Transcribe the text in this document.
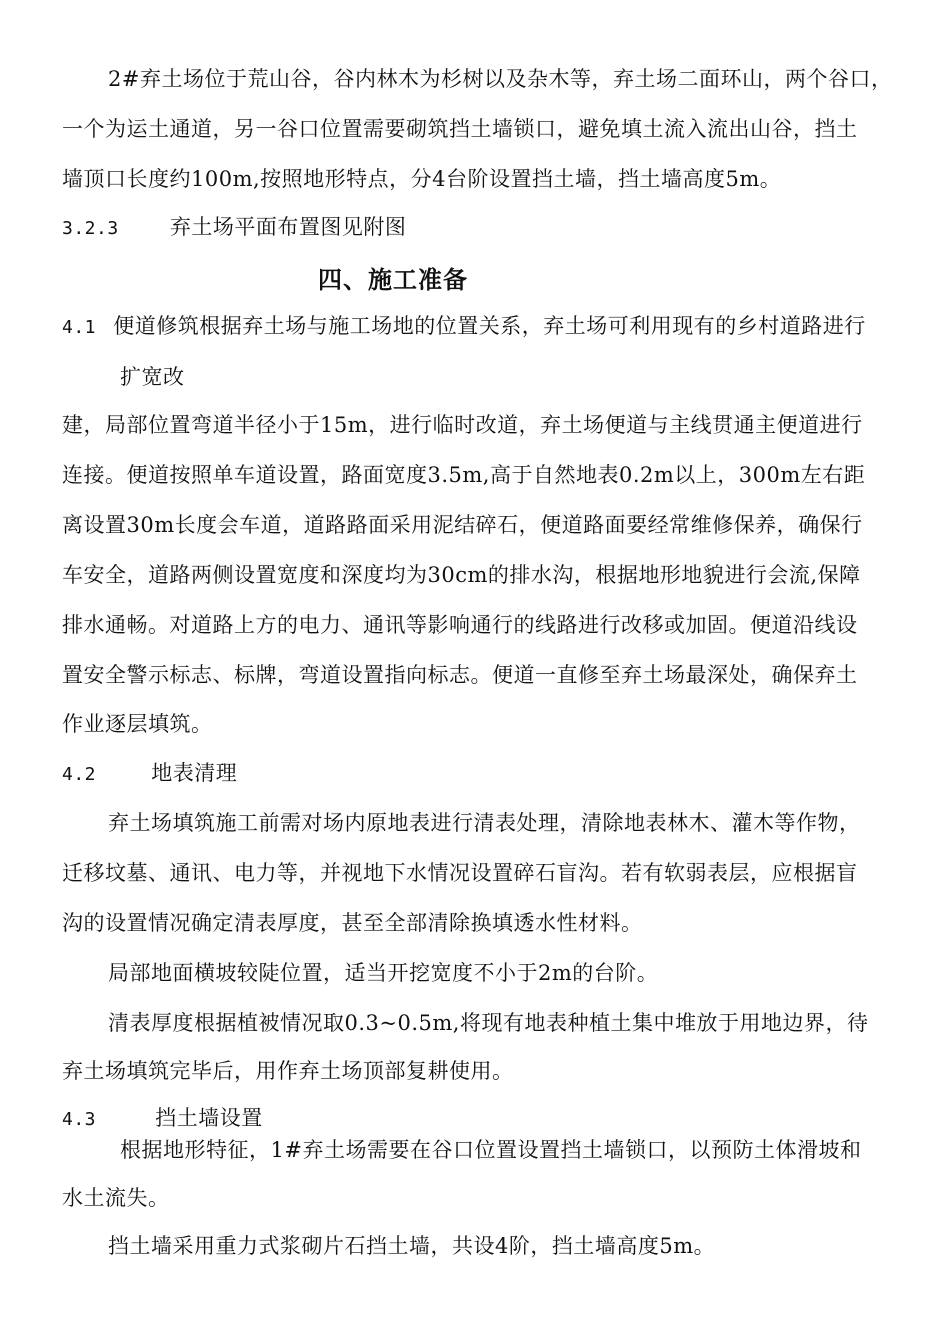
2#弃土场位于荒山谷，谷内林木为杉树以及杂木等，弃土场二面环山，两个谷口，
一个为运土通道，另一谷口位置需要砌筑挡土墙锁口，避免填土流入流出山谷，挡土
墙顶口长度约100m,按照地形特点，分4台阶设置挡土墙，挡土墙高度5m。
3.2.3 弃土场平面布置图见附图
四、施工准备
4.1 便道修筑根据弃土场与施工场地的位置关系，弃土场可利用现有的乡村道路进行
扩宽改
建，局部位置弯道半径小于15m，进行临时改道，弃土场便道与主线贯通主便道进行
连接。便道按照单车道设置，路面宽度3.5m,高于自然地表0.2m以上，300m左右距
离设置30m长度会车道，道路路面采用泥结碎石，便道路面要经常维修保养，确保行
车安全，道路两侧设置宽度和深度均为30cm的排水沟，根据地形地貌进行会流,保障
排水通畅。对道路上方的电力、通讯等影响通行的线路进行改移或加固。便道沿线设
置安全警示标志、标牌，弯道设置指向标志。便道一直修至弃土场最深处，确保弃土
作业逐层填筑。
4.2	地表清理
弃土场填筑施工前需对场内原地表进行清表处理，清除地表林木、灌木等作物，
迁移坟墓、通讯、电力等，并视地下水情况设置碎石盲沟。若有软弱表层，应根据盲
沟的设置情况确定清表厚度，甚至全部清除换填透水性材料。
局部地面横坡较陡位置，适当开挖宽度不小于2m的台阶。
清表厚度根据植被情况取0.3~0.5m,将现有地表种植土集中堆放于用地边界，待
弃土场填筑完毕后，用作弃土场顶部复耕使用。
4.3	挡土墙设置
根据地形特征，1#弃土场需要在谷口位置设置挡土墙锁口，以预防土体滑坡和
水土流失。
挡土墙采用重力式浆砌片石挡土墙，共设4阶，挡土墙高度5m。
